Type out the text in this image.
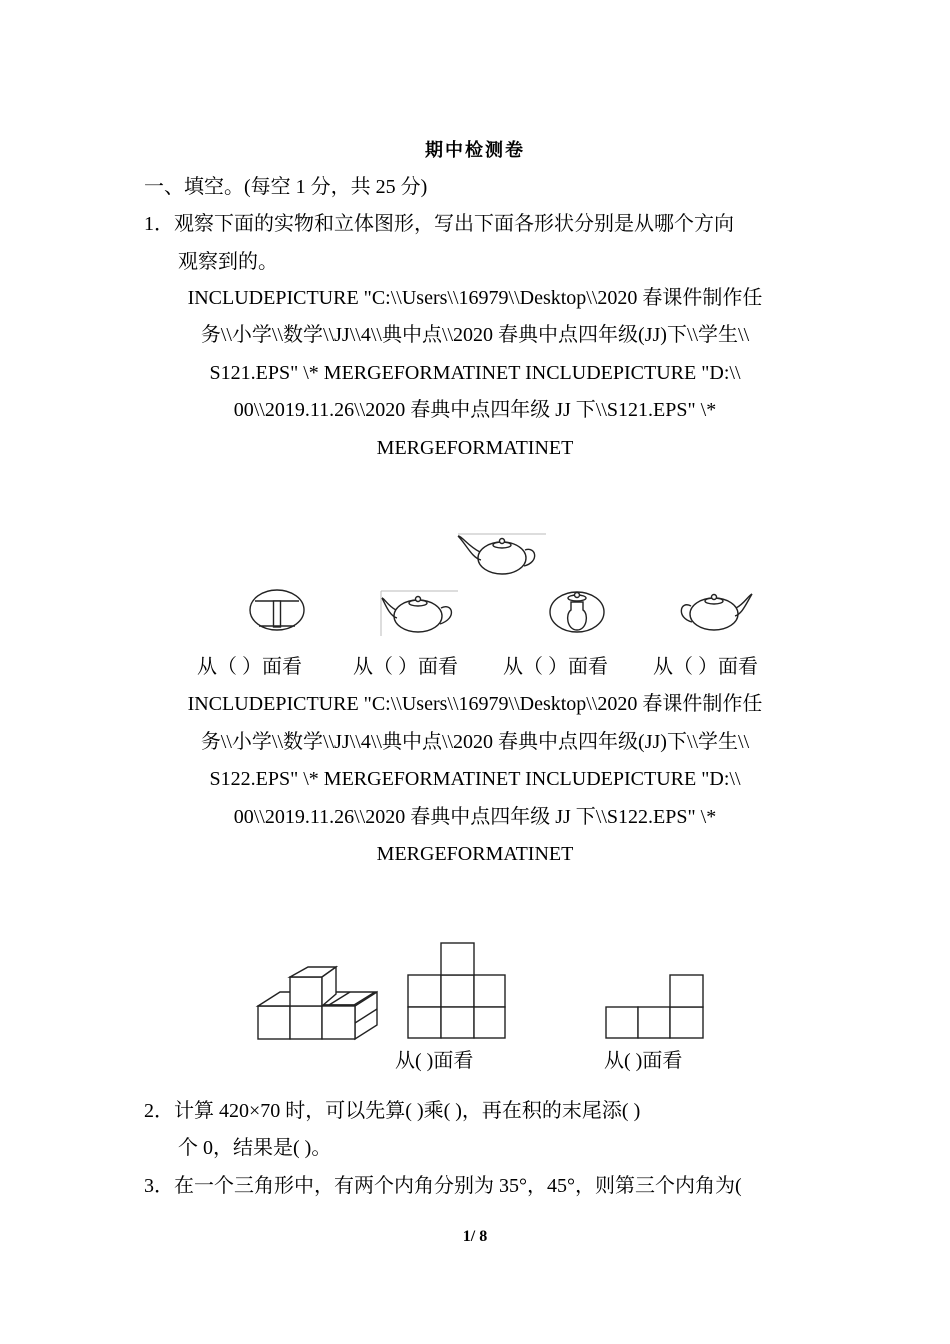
期中检测卷
一、填空。(每空 1 分，共 25 分)
1．观察下面的实物和立体图形，写出下面各形状分别是从哪个方向
观察到的。
INCLUDEPICTURE "C:\\Users\\16979\\Desktop\\2020 春课件制作任
务\\小学\\数学\\JJ\\4\\典中点\\2020 春典中点四年级(JJ)下\\学生\\
S121.EPS" \* MERGEFORMATINET INCLUDEPICTURE "D:\\
00\\2019.11.26\\2020 春典中点四年级 JJ 下\\S121.EPS" \*
MERGEFORMATINET
从（ ）面看	从（ ）面看 从（ ）面看 从（ ）面看
INCLUDEPICTURE "C:\\Users\\16979\\Desktop\\2020 春课件制作任
务\\小学\\数学\\JJ\\4\\典中点\\2020 春典中点四年级(JJ)下\\学生\\
S122.EPS" \* MERGEFORMATINET INCLUDEPICTURE "D:\\
00\\2019.11.26\\2020 春典中点四年级 JJ 下\\S122.EPS" \*
MERGEFORMATINET
从( )面看	从( )面看
2．计算 420×70 时，可以先算( )乘( )，再在积的末尾添( )
个 0，结果是( )。
3．在一个三角形中，有两个内角分别为 35°，45°，则第三个内角为(
1/ 8
